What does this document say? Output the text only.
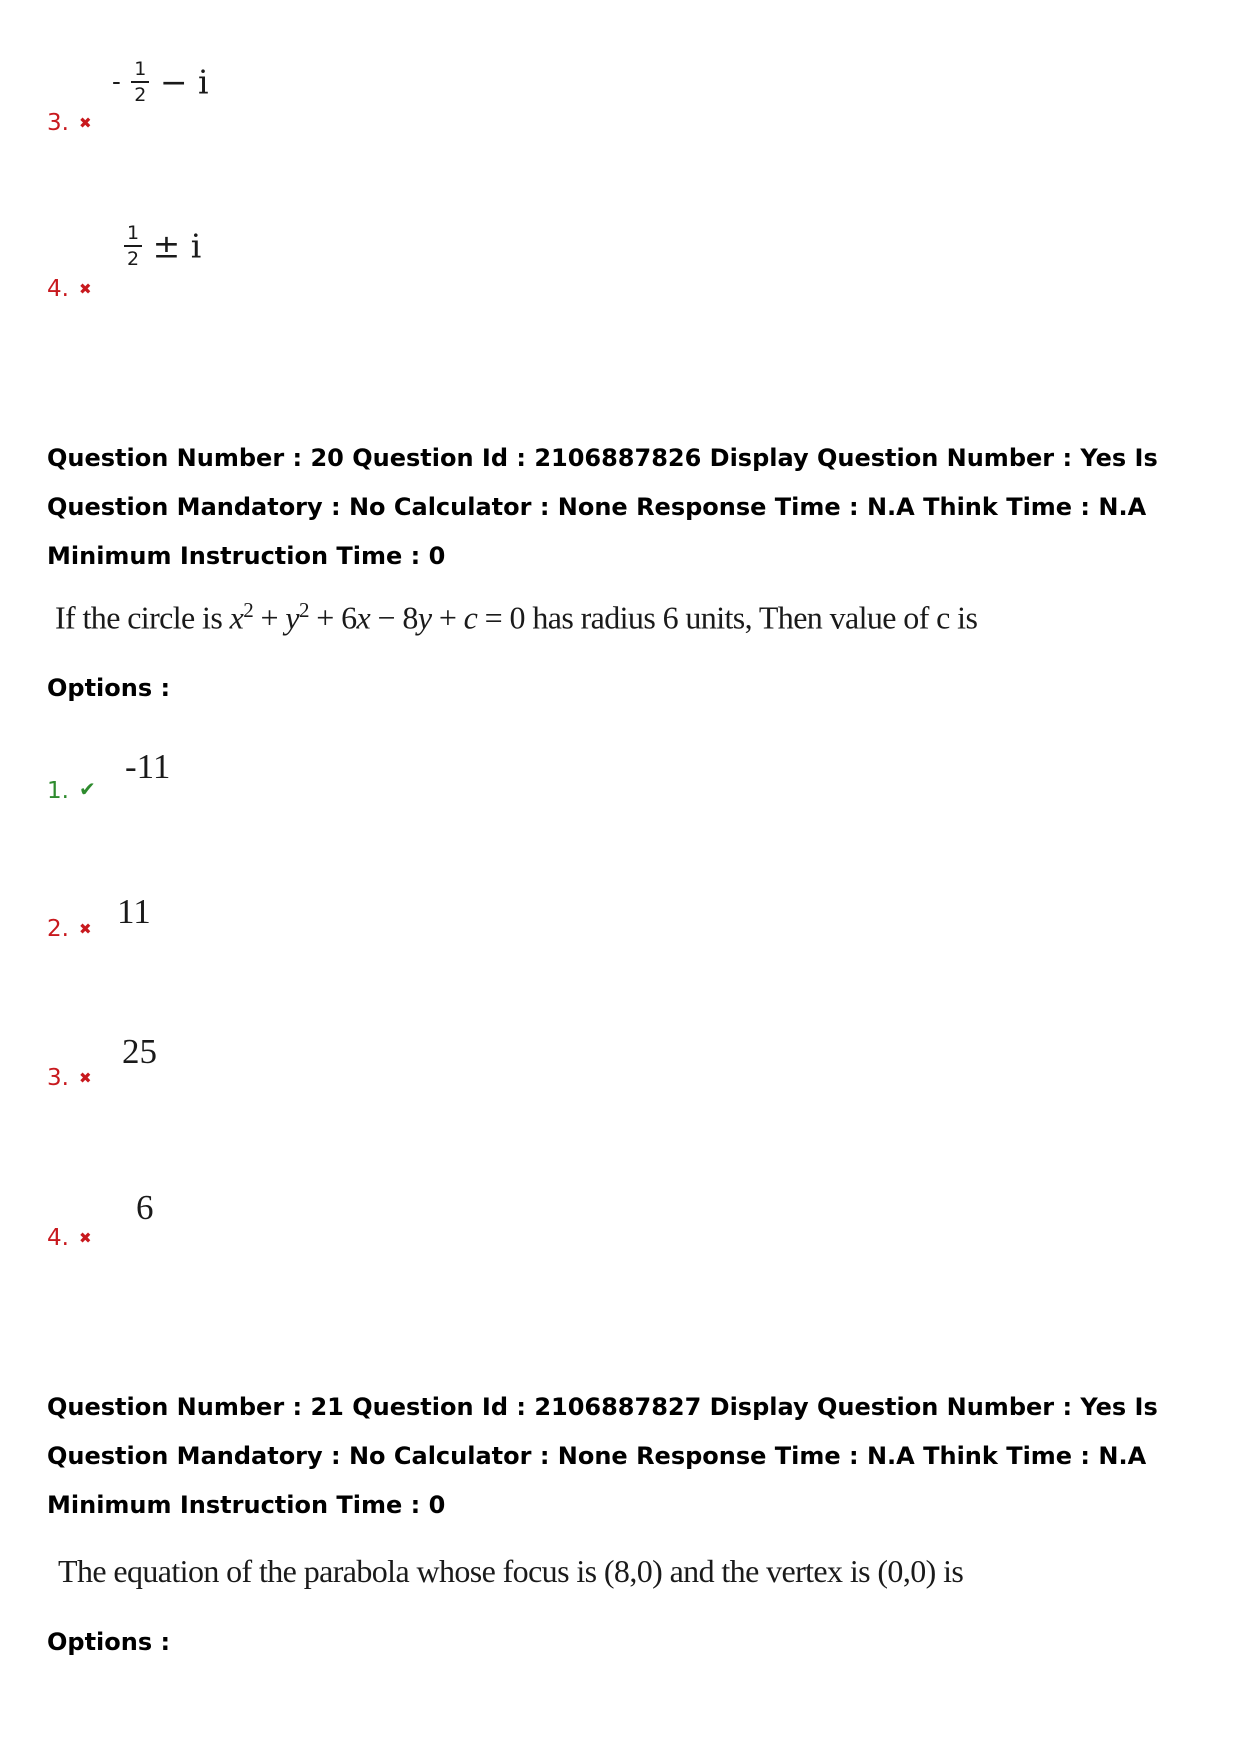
3. ✖
- $\frac{1}{2} - i$
4. ✖
$\frac{1}{2} \pm i$
Question Number : 20 Question Id : 2106887826 Display Question Number : Yes Is Question Mandatory : No Calculator : None Response Time : N.A Think Time : N.A Minimum Instruction Time : 0
If the circle is $x^2 + y^2 + 6x - 8y + c = 0$ has radius 6 units, Then value of c is
Options :
1. ✔
-11
2. ✖ 11
3. ✖
25
4. ✖
6
Question Number : 21 Question Id : 2106887827 Display Question Number : Yes Is Question Mandatory : No Calculator : None Response Time : N.A Think Time : N.A Minimum Instruction Time : 0
The equation of the parabola whose focus is (8,0) and the vertex is (0,0) is
Options :
